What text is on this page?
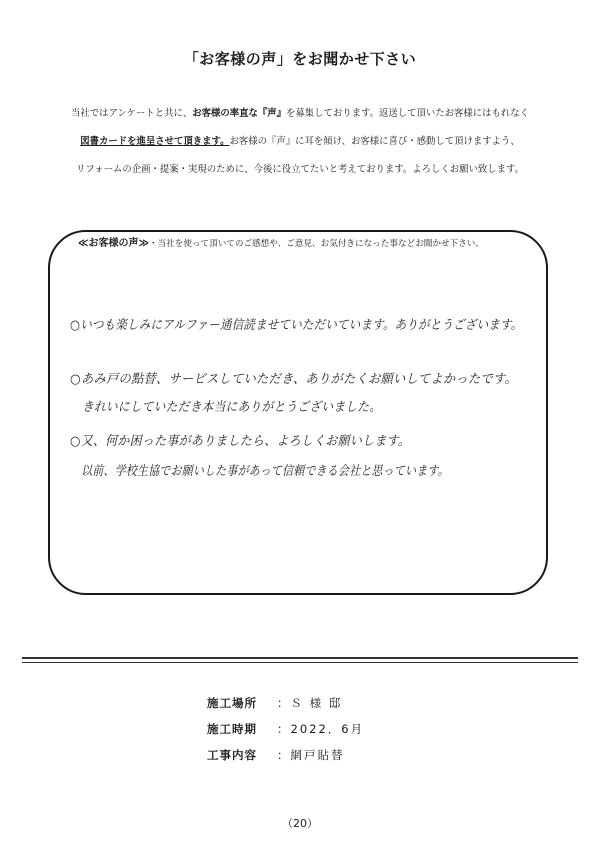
「お客様の声」をお聞かせ下さい

当社ではアンケートと共に、お客様の率直な『声』を募集しております。返送して頂いたお客様にはもれなく

図書カードを進呈させて頂きます。お客様の『声』に耳を傾け、お客様に喜び・感動して頂けますよう、

リフォームの企画・提案・実現のために、今後に役立てたいと考えております。よろしくお願い致します。

≪お客様の声≫・当社を使って頂いてのご感想や、ご意見、お気付きになった事などお聞かせ下さい。
○いつも楽しみにアルファー通信読ませていただいています。ありがとうございます。
○あみ戸の點替、サービスしていただき、ありがたくお願いしてよかったです。
　きれいにしていただき本当にありがとうございました。
○又、何か困った事がありましたら、よろしくお願いします。
　以前、学校生協でお願いした事があって信頼できる会社と思っています。
施工場所 ：Ｓ 様 邸
施工時期 ：2022．6月
工事内容 ：網戸貼替
（20）
